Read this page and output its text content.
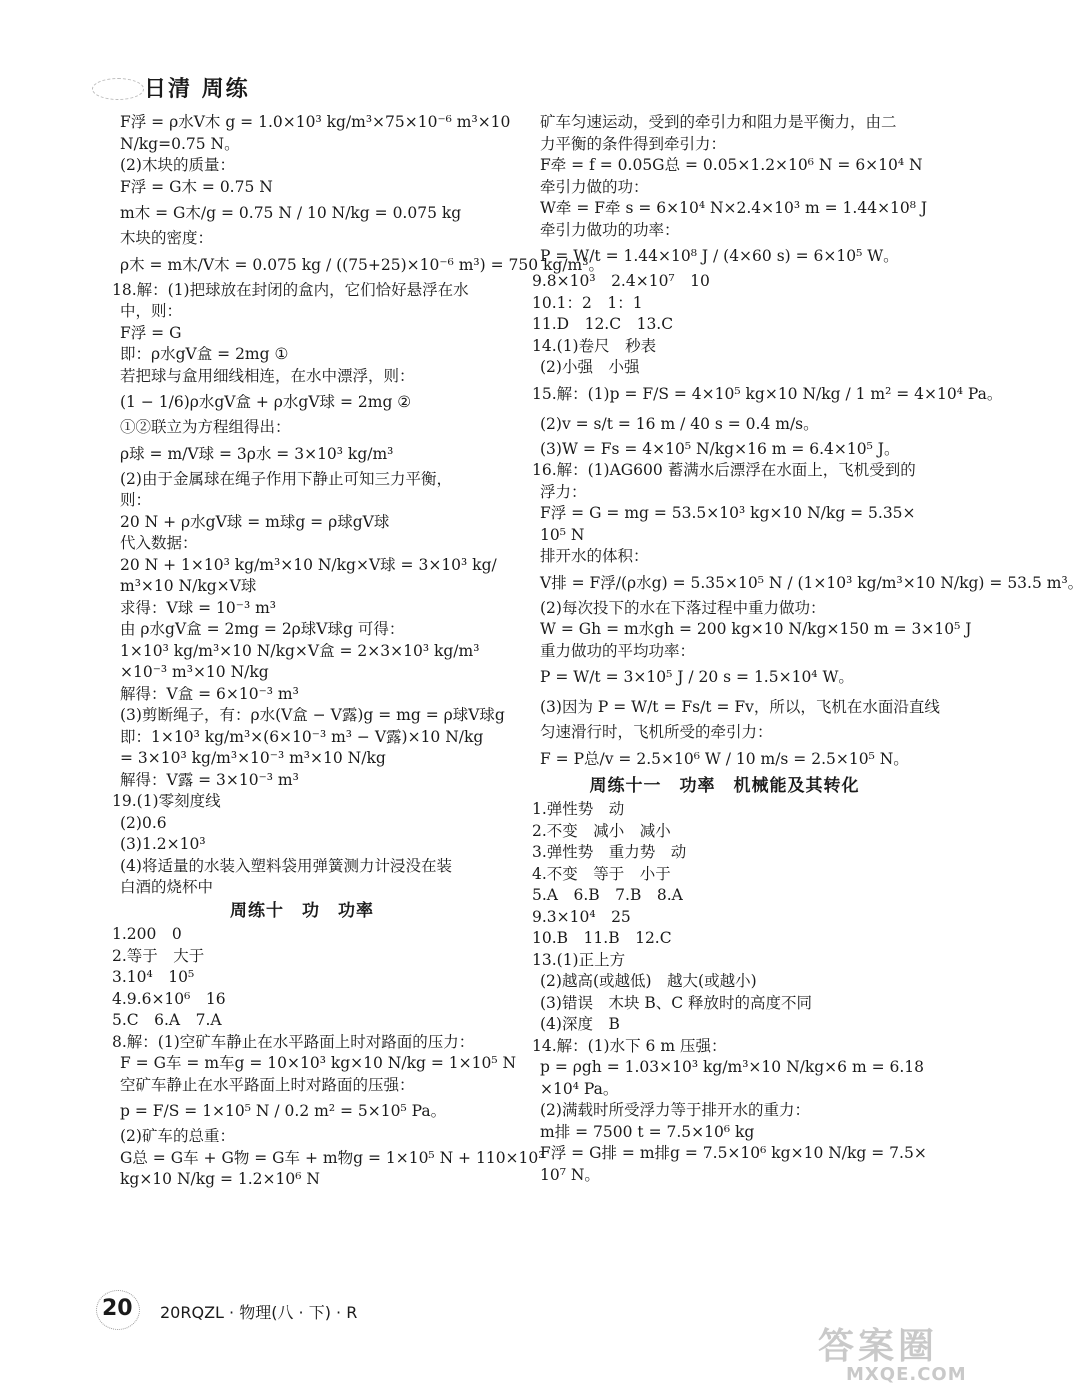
日清 周练
F浮 = ρ水V木 g = 1.0×10³ kg/m³×75×10⁻⁶ m³×10
N/kg=0.75 N。
(2)木块的质量：
F浮 = G木 = 0.75 N
m木 = G木/g = 0.75 N / 10 N/kg = 0.075 kg
木块的密度：
ρ木 = m木/V木 = 0.075 kg / ((75+25)×10⁻⁶ m³) = 750 kg/m³。
18.解：(1)把球放在封闭的盒内，它们恰好悬浮在水
中，则：
F浮 = G
即：ρ水gV盒 = 2mg ①
若把球与盒用细线相连，在水中漂浮，则：
(1 − 1/6)ρ水gV盒 + ρ水gV球 = 2mg ②
①②联立为方程组得出：
ρ球 = m/V球 = 3ρ水 = 3×10³ kg/m³
(2)由于金属球在绳子作用下静止可知三力平衡，
则：
20 N + ρ水gV球 = m球g = ρ球gV球
代入数据：
20 N + 1×10³ kg/m³×10 N/kg×V球 = 3×10³ kg/
m³×10 N/kg×V球
求得：V球 = 10⁻³ m³
由 ρ水gV盒 = 2mg = 2ρ球V球g 可得：
1×10³ kg/m³×10 N/kg×V盒 = 2×3×10³ kg/m³
×10⁻³ m³×10 N/kg
解得：V盒 = 6×10⁻³ m³
(3)剪断绳子，有：ρ水(V盒 − V露)g = mg = ρ球V球g
即：1×10³ kg/m³×(6×10⁻³ m³ − V露)×10 N/kg
= 3×10³ kg/m³×10⁻³ m³×10 N/kg
解得：V露 = 3×10⁻³ m³
19.(1)零刻度线
(2)0.6
(3)1.2×10³
(4)将适量的水装入塑料袋用弹簧测力计浸没在装
白酒的烧杯中
周练十　功　功率
1.200　0
2.等于　大于
3.10⁴　10⁵
4.9.6×10⁶　16
5.C　6.A　7.A
8.解：(1)空矿车静止在水平路面上时对路面的压力：
F = G车 = m车g = 10×10³ kg×10 N/kg = 1×10⁵ N
空矿车静止在水平路面上时对路面的压强：
p = F/S = 1×10⁵ N / 0.2 m² = 5×10⁵ Pa。
(2)矿车的总重：
G总 = G车 + G物 = G车 + m物g = 1×10⁵ N + 110×10³
kg×10 N/kg = 1.2×10⁶ N
矿车匀速运动，受到的牵引力和阻力是平衡力，由二
力平衡的条件得到牵引力：
F牵 = f = 0.05G总 = 0.05×1.2×10⁶ N = 6×10⁴ N
牵引力做的功：
W牵 = F牵 s = 6×10⁴ N×2.4×10³ m = 1.44×10⁸ J
牵引力做功的功率：
P = W/t = 1.44×10⁸ J / (4×60 s) = 6×10⁵ W。
9.8×10³　2.4×10⁷　10
10.1：2　1：1
11.D　12.C　13.C
14.(1)卷尺　秒表
(2)小强　小强
15.解：(1)p = F/S = 4×10⁵ kg×10 N/kg / 1 m² = 4×10⁴ Pa。
(2)v = s/t = 16 m / 40 s = 0.4 m/s。
(3)W = Fs = 4×10⁵ N/kg×16 m = 6.4×10⁵ J。
16.解：(1)AG600 蓄满水后漂浮在水面上，飞机受到的
浮力：
F浮 = G = mg = 53.5×10³ kg×10 N/kg = 5.35×
10⁵ N
排开水的体积：
V排 = F浮/(ρ水g) = 5.35×10⁵ N / (1×10³ kg/m³×10 N/kg) = 53.5 m³。
(2)每次投下的水在下落过程中重力做功：
W = Gh = m水gh = 200 kg×10 N/kg×150 m = 3×10⁵ J
重力做功的平均功率：
P = W/t = 3×10⁵ J / 20 s = 1.5×10⁴ W。
(3)因为 P = W/t = Fs/t = Fv，所以，飞机在水面沿直线
匀速滑行时，飞机所受的牵引力：
F = P总/v = 2.5×10⁶ W / 10 m/s = 2.5×10⁵ N。
周练十一　功率　机械能及其转化
1.弹性势　动
2.不变　减小　减小
3.弹性势　重力势　动
4.不变　等于　小于
5.A　6.B　7.B　8.A
9.3×10⁴　25
10.B　11.B　12.C
13.(1)正上方
(2)越高(或越低)　越大(或越小)
(3)错误　木块 B、C 释放时的高度不同
(4)深度　B
14.解：(1)水下 6 m 压强：
p = ρgh = 1.03×10³ kg/m³×10 N/kg×6 m = 6.18
×10⁴ Pa。
(2)满载时所受浮力等于排开水的重力：
m排 = 7500 t = 7.5×10⁶ kg
F浮 = G排 = m排g = 7.5×10⁶ kg×10 N/kg = 7.5×
10⁷ N。
20 20RQZL · 物理(八 · 下) · R
答案圈
MXQE.COM
